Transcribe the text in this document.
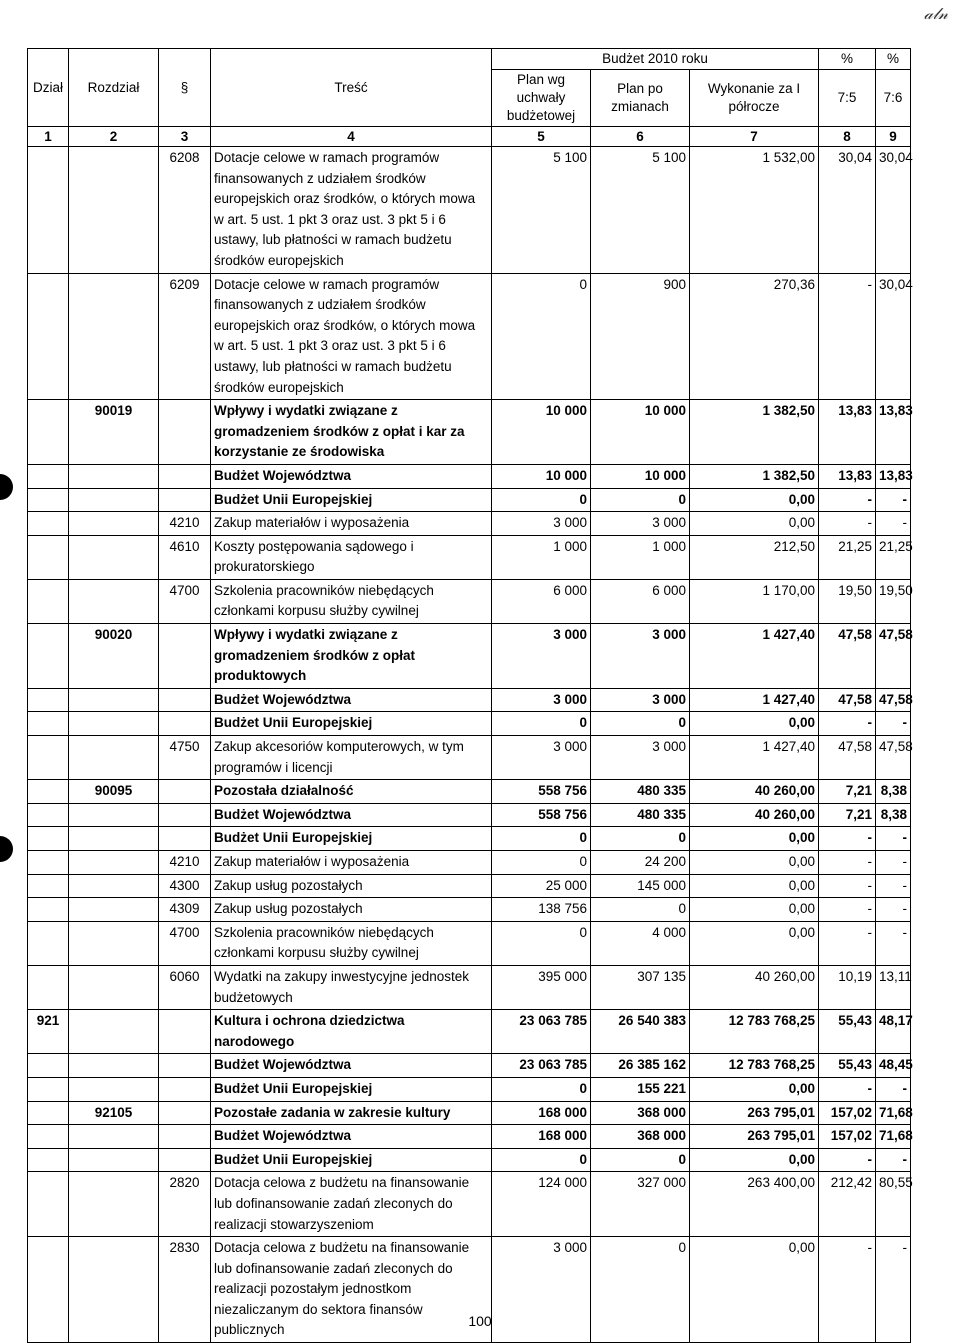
𝒶𝓁𝓃
Dział	Rozdział	§	Treść	Budżet 2010 roku			%	%
				Plan wg uchwały budżetowej	Plan po zmianach	Wykonanie za I półrocze	7:5	7:6
1	2	3	4	5	6	7	8	9
		6208	Dotacje celowe w ramach programów finansowanych z udziałem środków europejskich oraz środków, o których mowa w art. 5 ust. 1 pkt 3 oraz ust. 3 pkt 5 i 6 ustawy, lub płatności w ramach budżetu środków europejskich	5 100	5 100	1 532,00	30,04	30,04
		6209	Dotacje celowe w ramach programów finansowanych z udziałem środków europejskich oraz środków, o których mowa w art. 5 ust. 1 pkt 3 oraz ust. 3 pkt 5 i 6 ustawy, lub płatności w ramach budżetu środków europejskich	0	900	270,36	-	30,04
	90019		Wpływy i wydatki związane z gromadzeniem środków z opłat i kar za korzystanie ze środowiska	10 000	10 000	1 382,50	13,83	13,83
			Budżet Województwa	10 000	10 000	1 382,50	13,83	13,83
			Budżet Unii Europejskiej	0	0	0,00	-	-
		4210	Zakup materiałów i wyposażenia	3 000	3 000	0,00	-	-
		4610	Koszty postępowania sądowego i prokuratorskiego	1 000	1 000	212,50	21,25	21,25
		4700	Szkolenia pracowników niebędących członkami korpusu służby cywilnej	6 000	6 000	1 170,00	19,50	19,50
	90020		Wpływy i wydatki związane z gromadzeniem środków z opłat produktowych	3 000	3 000	1 427,40	47,58	47,58
			Budżet Województwa	3 000	3 000	1 427,40	47,58	47,58
			Budżet Unii Europejskiej	0	0	0,00	-	-
		4750	Zakup akcesoriów komputerowych, w tym programów i licencji	3 000	3 000	1 427,40	47,58	47,58
	90095		Pozostała działalność	558 756	480 335	40 260,00	7,21	8,38
			Budżet Województwa	558 756	480 335	40 260,00	7,21	8,38
			Budżet Unii Europejskiej	0	0	0,00	-	-
		4210	Zakup materiałów i wyposażenia	0	24 200	0,00	-	-
		4300	Zakup usług pozostałych	25 000	145 000	0,00	-	-
		4309	Zakup usług pozostałych	138 756	0	0,00	-	-
		4700	Szkolenia pracowników niebędących członkami korpusu służby cywilnej	0	4 000	0,00	-	-
		6060	Wydatki na zakupy inwestycyjne jednostek budżetowych	395 000	307 135	40 260,00	10,19	13,11
921			Kultura i ochrona dziedzictwa narodowego	23 063 785	26 540 383	12 783 768,25	55,43	48,17
			Budżet Województwa	23 063 785	26 385 162	12 783 768,25	55,43	48,45
			Budżet Unii Europejskiej	0	155 221	0,00	-	-
	92105		Pozostałe zadania w zakresie kultury	168 000	368 000	263 795,01	157,02	71,68
			Budżet Województwa	168 000	368 000	263 795,01	157,02	71,68
			Budżet Unii Europejskiej	0	0	0,00	-	-
		2820	Dotacja celowa z budżetu na finansowanie lub dofinansowanie zadań zleconych do realizacji stowarzyszeniom	124 000	327 000	263 400,00	212,42	80,55
		2830	Dotacja celowa z budżetu na finansowanie lub dofinansowanie zadań zleconych do realizacji pozostałym jednostkom niezaliczanym do sektora finansów publicznych	3 000	0	0,00	-	-
100
